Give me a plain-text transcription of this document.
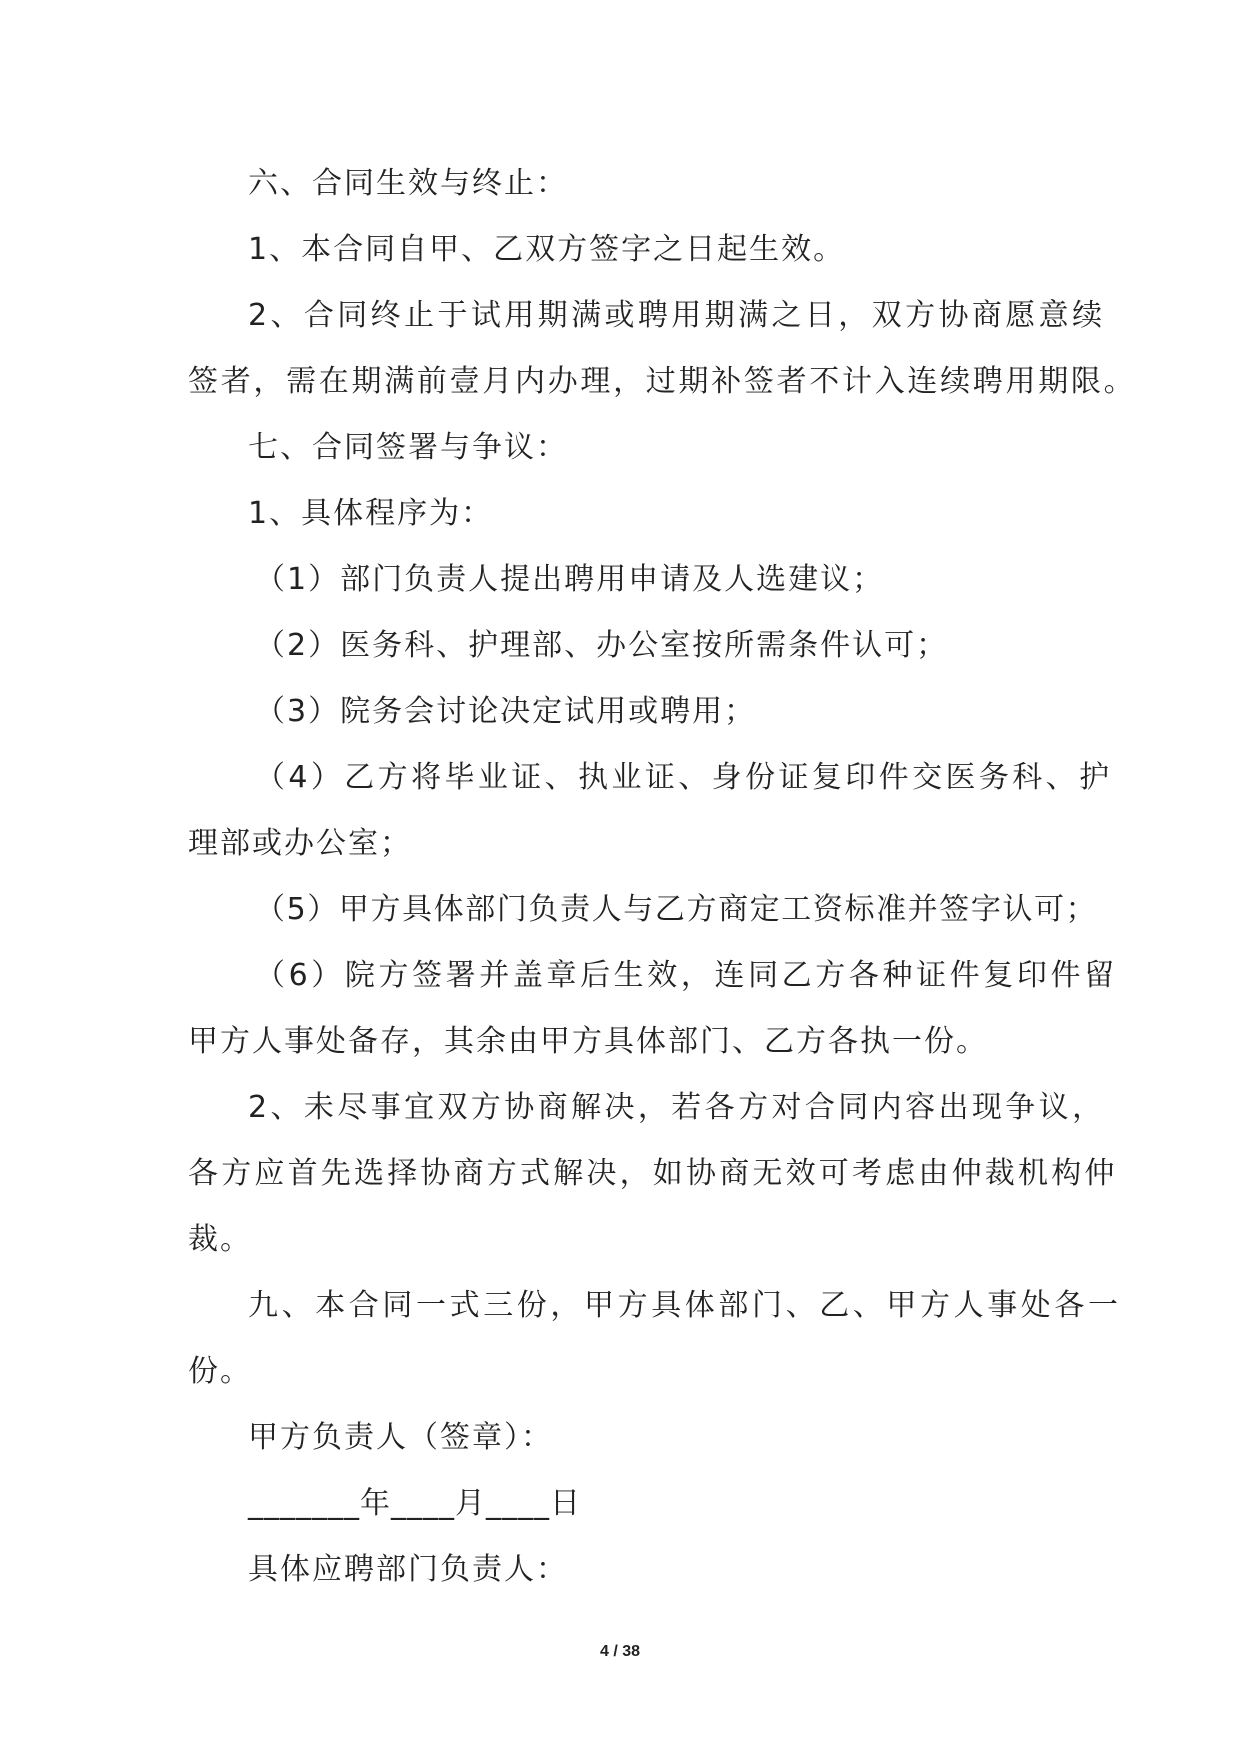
六、合同生效与终止：
1、本合同自甲、乙双方签字之日起生效。
2、合同终止于试用期满或聘用期满之日，双方协商愿意续
签者，需在期满前壹月内办理，过期补签者不计入连续聘用期限。
七、合同签署与争议：
1、具体程序为：
（1）部门负责人提出聘用申请及人选建议；
（2）医务科、护理部、办公室按所需条件认可；
（3）院务会讨论决定试用或聘用；
（4）乙方将毕业证、执业证、身份证复印件交医务科、护
理部或办公室；
（5）甲方具体部门负责人与乙方商定工资标准并签字认可；
（6）院方签署并盖章后生效，连同乙方各种证件复印件留
甲方人事处备存，其余由甲方具体部门、乙方各执一份。
2、未尽事宜双方协商解决，若各方对合同内容出现争议，
各方应首先选择协商方式解决，如协商无效可考虑由仲裁机构仲
裁。
九、本合同一式三份，甲方具体部门、乙、甲方人事处各一
份。
甲方负责人（签章）：
_______年____月____日
具体应聘部门负责人：
4 / 38
